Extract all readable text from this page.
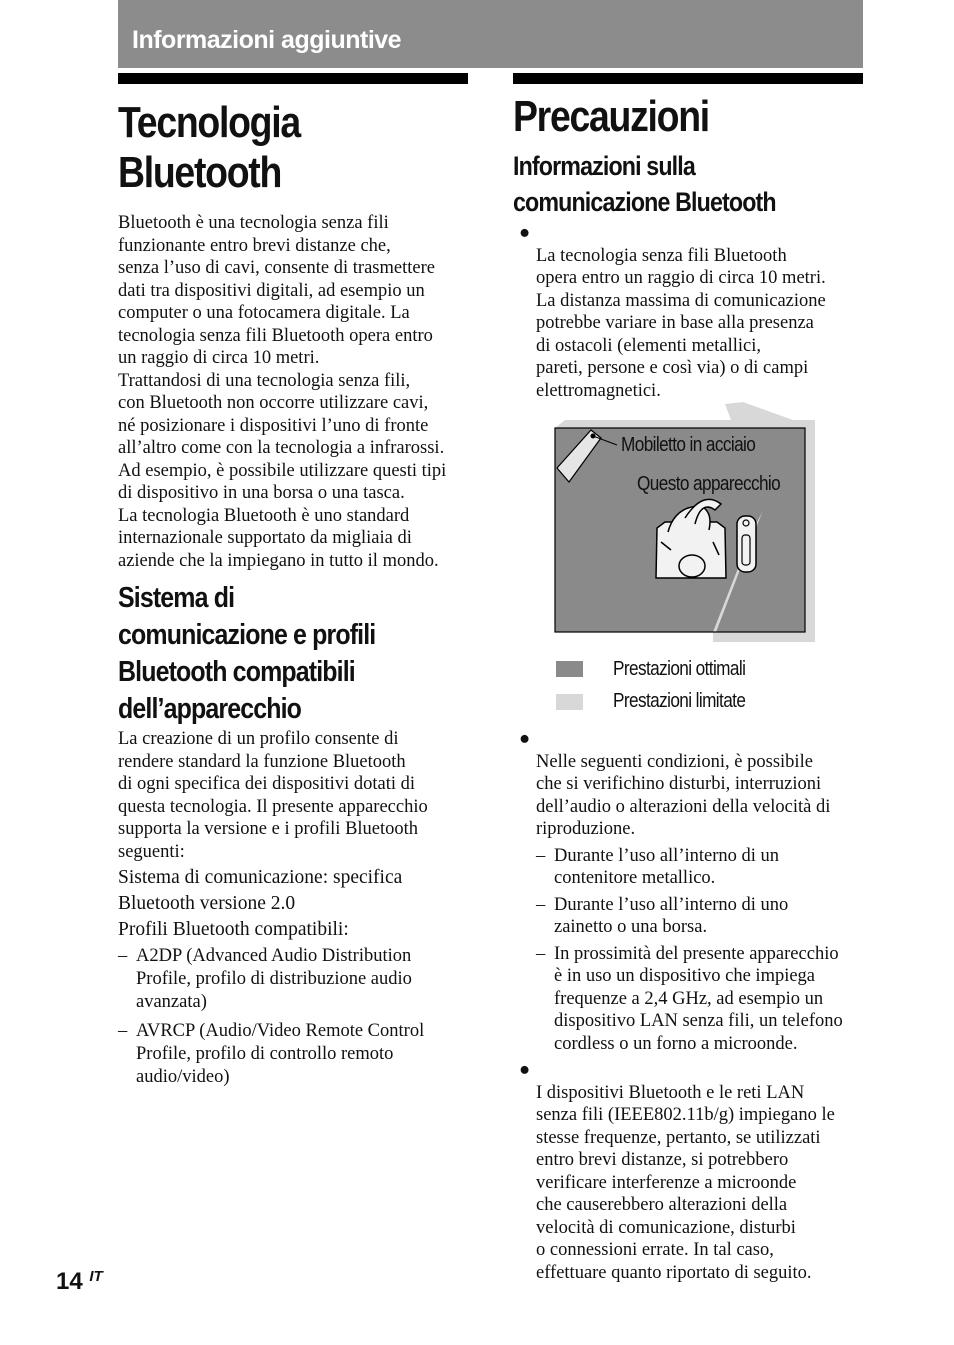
Informazioni aggiuntive
Tecnologia
Bluetooth

Bluetooth è una tecnologia senza fili
funzionante entro brevi distanze che,
senza l’uso di cavi, consente di trasmettere
dati tra dispositivi digitali, ad esempio un
computer o una fotocamera digitale. La
tecnologia senza fili Bluetooth opera entro
un raggio di circa 10 metri.
Trattandosi di una tecnologia senza fili,
con Bluetooth non occorre utilizzare cavi,
né posizionare i dispositivi l’uno di fronte
all’altro come con la tecnologia a infrarossi.
Ad esempio, è possibile utilizzare questi tipi
di dispositivo in una borsa o una tasca.
La tecnologia Bluetooth è uno standard
internazionale supportato da migliaia di
aziende che la impiegano in tutto il mondo.

Sistema di
comunicazione e profili
Bluetooth compatibili
dell’apparecchio

La creazione di un profilo consente di
rendere standard la funzione Bluetooth
di ogni specifica dei dispositivi dotati di
questa tecnologia. Il presente apparecchio
supporta la versione e i profili Bluetooth
seguenti:

Sistema di comunicazione: specifica
Bluetooth versione 2.0

Profili Bluetooth compatibili:

– A2DP (Advanced Audio Distribution
Profile, profilo di distribuzione audio
avanzata)
– AVRCP (Audio/Video Remote Control
Profile, profilo di controllo remoto
audio/video)
Precauzioni
Informazioni sulla
comunicazione Bluetooth

●
La tecnologia senza fili Bluetooth
opera entro un raggio di circa 10 metri.
La distanza massima di comunicazione
potrebbe variare in base alla presenza
di ostacoli (elementi metallici,
pareti, persone e così via) o di campi
elettromagnetici.

Mobiletto in acciaio
Questo apparecchio
Prestazioni ottimali
Prestazioni limitate

●
Nelle seguenti condizioni, è possibile
che si verifichino disturbi, interruzioni
dell’audio o alterazioni della velocità di
riproduzione.

– Durante l’uso all’interno di un
contenitore metallico.
– Durante l’uso all’interno di uno
zainetto o una borsa.
– In prossimità del presente apparecchio
è in uso un dispositivo che impiega
frequenze a 2,4 GHz, ad esempio un
dispositivo LAN senza fili, un telefono
cordless o un forno a microonde.

●
I dispositivi Bluetooth e le reti LAN
senza fili (IEEE802.11b/g) impiegano le
stesse frequenze, pertanto, se utilizzati
entro brevi distanze, si potrebbero
verificare interferenze a microonde
che causerebbero alterazioni della
velocità di comunicazione, disturbi
o connessioni errate. In tal caso,
effettuare quanto riportato di seguito.

14 $^{IT}$
